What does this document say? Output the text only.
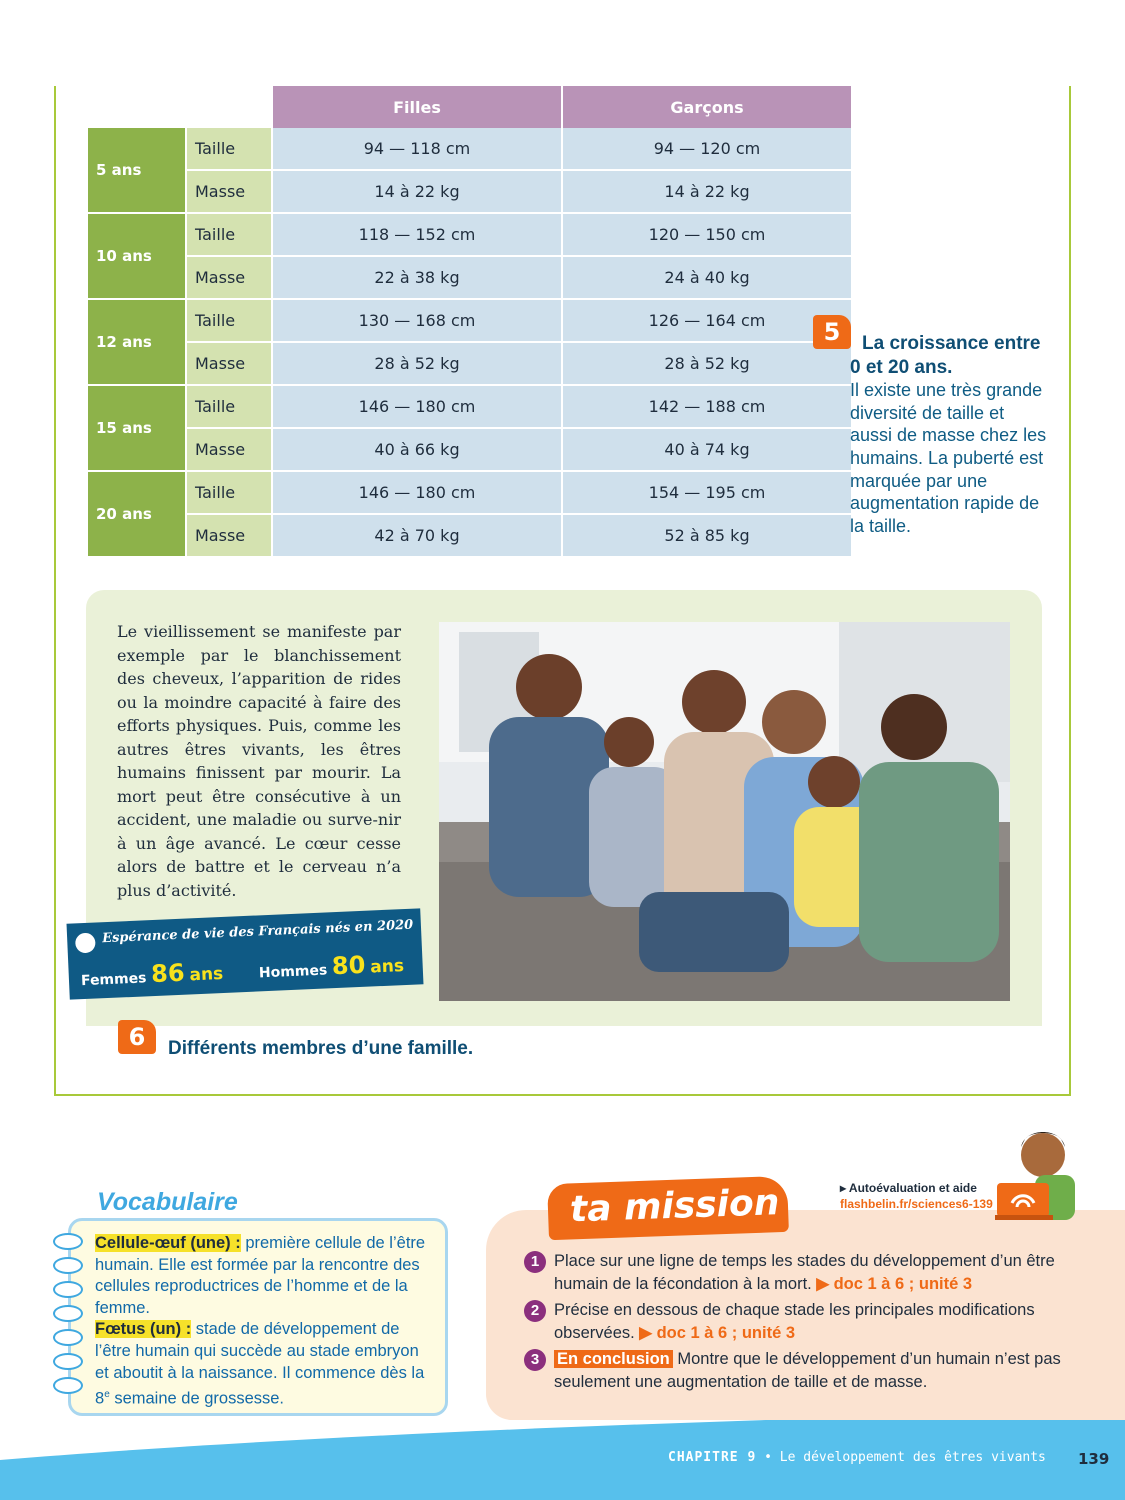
		Filles	Garçons
5 ans	Taille	94 — 118 cm	94 — 120 cm
	Masse	14 à 22 kg	14 à 22 kg
10 ans	Taille	118 — 152 cm	120 — 150 cm
	Masse	22 à 38 kg	24 à 40 kg
12 ans	Taille	130 — 168 cm	126 — 164 cm
	Masse	28 à 52 kg	28 à 52 kg
15 ans	Taille	146 — 180 cm	142 — 188 cm
	Masse	40 à 66 kg	40 à 74 kg
20 ans	Taille	146 — 180 cm	154 — 195 cm
	Masse	42 à 70 kg	52 à 85 kg
5	La croissance entre 0 et 20 ans.
Il existe une très grande diversité de taille et aussi de masse chez les humains. La puberté est marquée par une augmentation rapide de la taille.
Le vieillissement se manifeste par exemple par le blanchissement des cheveux, l’apparition de rides ou la moindre capacité à faire des efforts physiques. Puis, comme les autres êtres vivants, les êtres humains finissent par mourir. La mort peut être consécutive à un accident, une maladie ou surve-nir à un âge avancé. Le cœur cesse alors de battre et le cerveau n’a plus d’activité.
Espérance de vie des Français nés en 2020
Femmes 86 ans Hommes 80 ans
6	Différents membres d’une famille.
Vocabulaire
Cellule-œuf (une) : première cellule de l’être humain. Elle est formée par la rencontre des cellules reproductrices de l’homme et de la femme.
Fœtus (un) : stade de développement de l’être humain qui succède au stade embryon et aboutit à la naissance. Il commence dès la 8e semaine de grossesse.
ta mission	▸ Autoévaluation et aide
flashbelin.fr/sciences6-139
1 Place sur une ligne de temps les stades du développement d’un être humain de la fécondation à la mort. ▶ doc 1 à 6 ; unité 3
2 Précise en dessous de chaque stade les principales modifications observées. ▶ doc 1 à 6 ; unité 3
3	En conclusion Montre que le développement d’un humain n’est pas seulement une augmentation de taille et de masse.
CHAPITRE 9 • Le développement des êtres vivants 139
